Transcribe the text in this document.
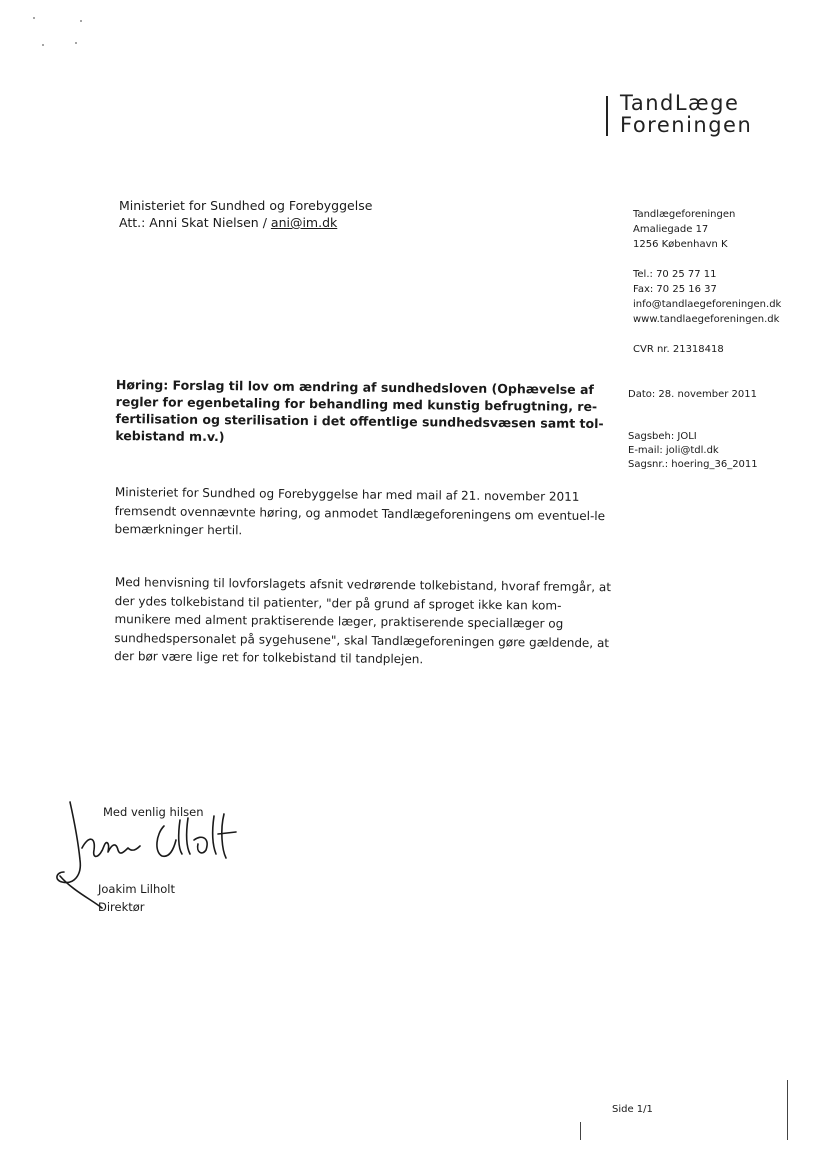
TandLæge
Foreningen
Ministeriet for Sundhed og Forebyggelse
Att.: Anni Skat Nielsen / ani@im.dk
Tandlægeforeningen
Amaliegade 17
1256 København K
Tel.: 70 25 77 11
Fax: 70 25 16 37
info@tandlaegeforeningen.dk
www.tandlaegeforeningen.dk
CVR nr. 21318418
Høring: Forslag til lov om ændring af sundhedsloven (Ophævelse af regler for egenbetaling for behandling med kunstig befrugtning, re-fertilisation og sterilisation i det offentlige sundhedsvæsen samt tol-kebistand m.v.)
Dato: 28. november 2011
Sagsbeh: JOLI
E-mail: joli@tdl.dk
Sagsnr.: hoering_36_2011
Ministeriet for Sundhed og Forebyggelse har med mail af 21. november 2011 fremsendt ovennævnte høring, og anmodet Tandlægeforeningens om eventuel-le bemærkninger hertil.
Med henvisning til lovforslagets afsnit vedrørende tolkebistand, hvoraf fremgår, at der ydes tolkebistand til patienter, "der på grund af sproget ikke kan kom-munikere med alment praktiserende læger, praktiserende speciallæger og sundhedspersonalet på sygehusene", skal Tandlægeforeningen gøre gældende, at der bør være lige ret for tolkebistand til tandplejen.
Med venlig hilsen
Joakim Lilholt
Direktør
Side 1/1
